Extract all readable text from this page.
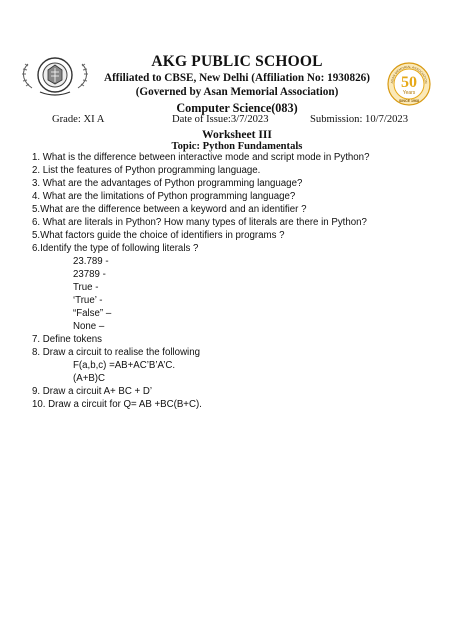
50
Years
SINCE 1968
ASAN MEMORIAL ASSOCIATION
AKG PUBLIC SCHOOL
Affiliated to CBSE, New Delhi (Affiliation No: 1930826)
(Governed by Asan Memorial Association)
Computer Science(083)
Grade: XI A	Date of Issue:3/7/2023	Submission: 10/7/2023
Worksheet III
Topic: Python Fundamentals
1. What is the difference between interactive mode and script mode in Python?
2. List the features of Python programming language.
3. What are the advantages of Python programming language?
4. What are the limitations of Python programming language?
5.What are the difference between a keyword and an identifier ?
6. What are literals in Python? How many types of literals are there in Python?
5.What factors guide the choice of identifiers in programs ?
6.Identify the type of following literals ?
23.789 -
23789 -
True -
‘True’ -
“False” –
None –
7. Define tokens
8. Draw a circuit to realise the following
F(a,b,c) =AB+AC’B’A’C.
(A+B)C
9. Draw a circuit A+ BC + D’
10. Draw a circuit for Q= AB +BC(B+C).
